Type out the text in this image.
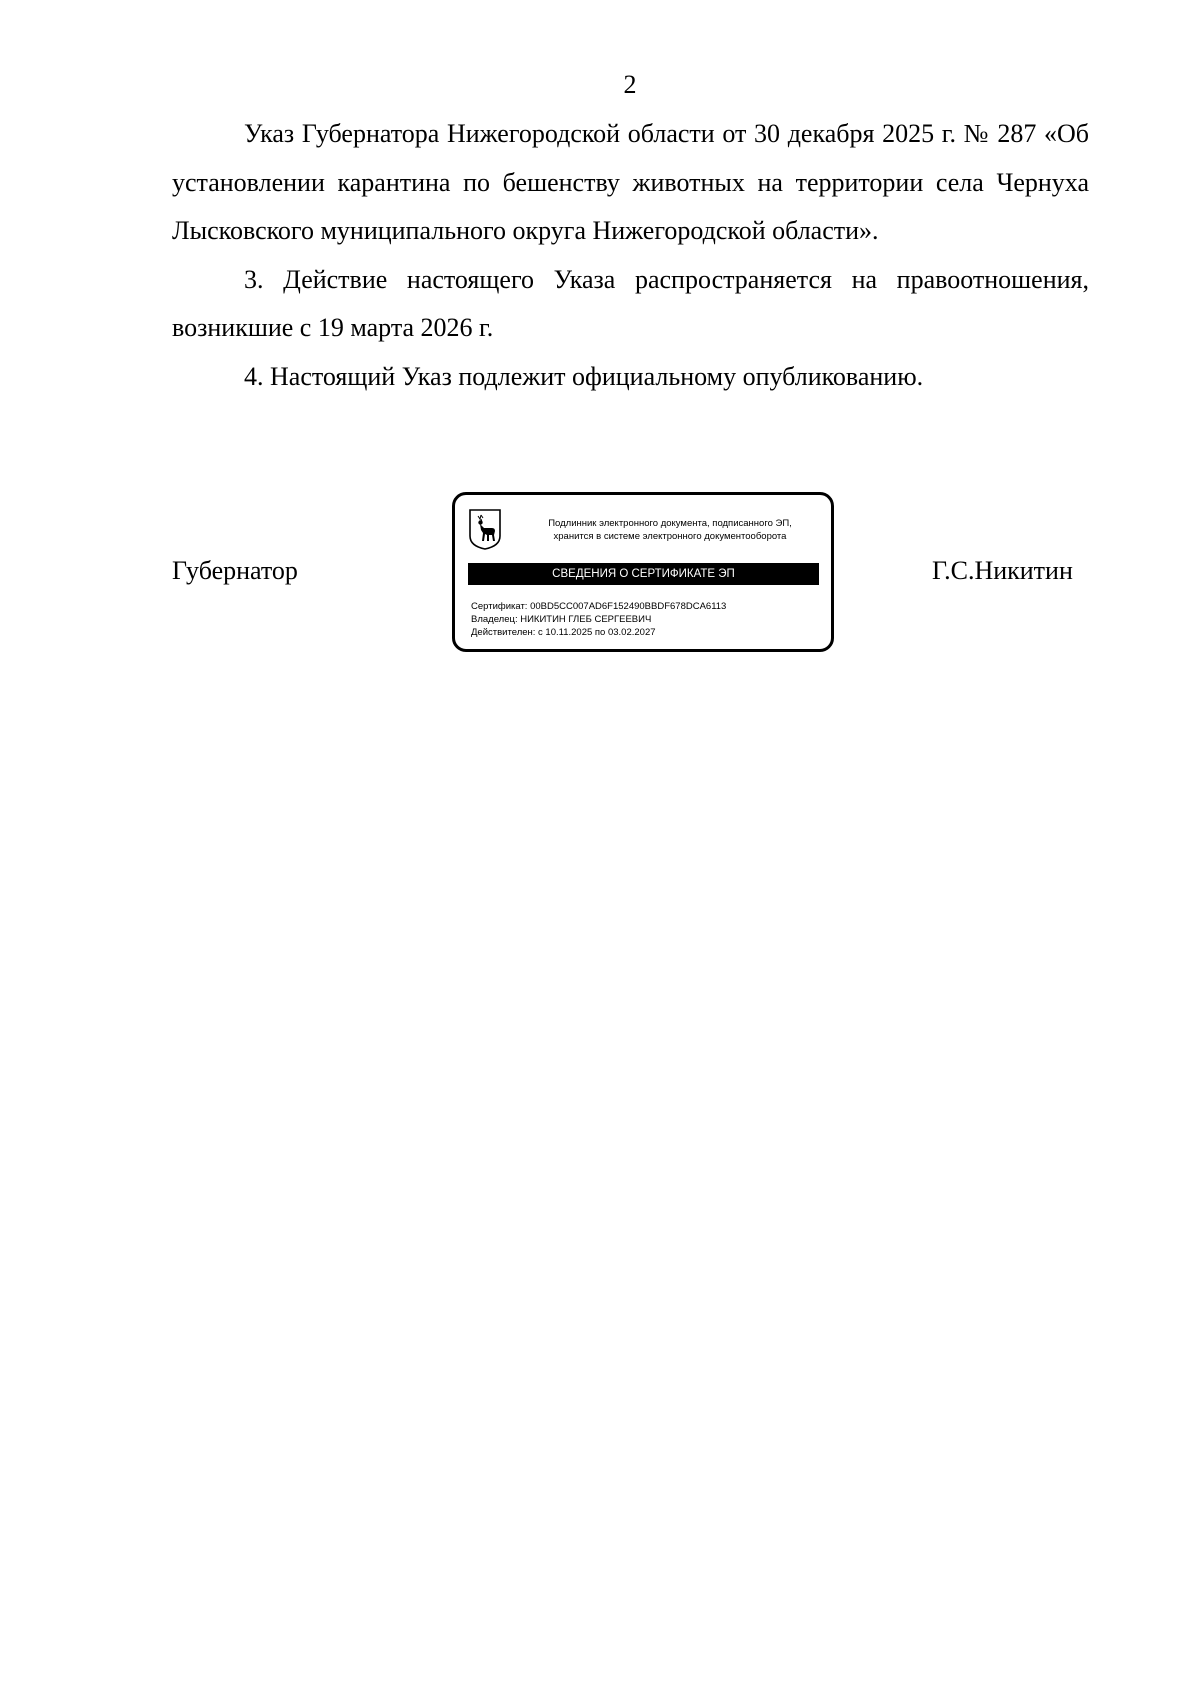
2

Указ Губернатора Нижегородской области от 30 декабря 2025 г. № 287 «Об установлении карантина по бешенству животных на территории села Чернуха Лысковского муниципального округа Нижегородской области».

3. Действие настоящего Указа распространяется на правоотношения, возникшие с 19 марта 2026 г.

4. Настоящий Указ подлежит официальному опубликованию.

Губернатор	Г.С.Никитин
Подлинник электронного документа, подписанного ЭП,
хранится в системе электронного документооборота
СВЕДЕНИЯ О СЕРТИФИКАТЕ ЭП
Сертификат: 00BD5CC007AD6F152490BBDF678DCA6113
Владелец: НИКИТИН ГЛЕБ СЕРГЕЕВИЧ
Действителен: с 10.11.2025 по 03.02.2027
